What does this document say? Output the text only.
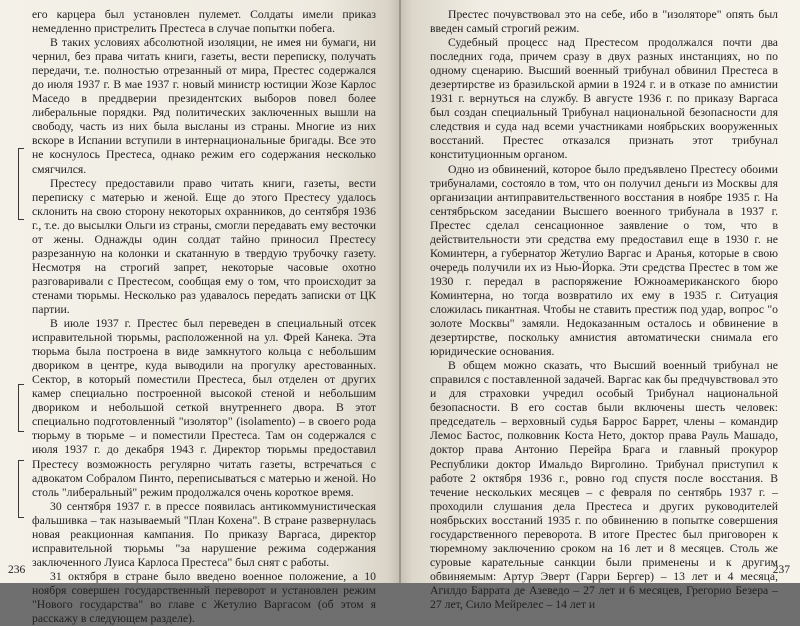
его карцера был установлен пулемет. Солдаты имели приказ немедленно пристрелить Престеса в случае попытки побега.

В таких условиях абсолютной изоляции, не имея ни бумаги, ни чернил, без права читать книги, газеты, вести переписку, получать передачи, т.е. полностью отрезанный от мира, Престес содержался до июля 1937 г. В мае 1937 г. новый министр юстиции Жозе Карлос Маседо в преддверии президентских выборов повел более либеральные порядки. Ряд политических заключенных вышли на свободу, часть из них была высланы из страны. Многие из них вскоре в Испании вступили в интернациональные бригады. Все это не коснулось Престеса, однако режим его содержания несколько смягчился.

Престесу предоставили право читать книги, газеты, вести переписку с матерью и женой. Еще до этого Престесу удалось склонить на свою сторону некоторых охранников, до сентября 1936 г., т.е. до высылки Ольги из страны, смогли передавать ему весточки от жены. Однажды один солдат тайно приносил Престесу разрезанную на колонки и скатанную в твердую трубочку газету. Несмотря на строгий запрет, некоторые часовые охотно разговаривали с Престесом, сообщая ему о том, что происходит за стенами тюрьмы. Несколько раз удавалось передать записки от ЦК партии.

В июле 1937 г. Престес был переведен в специальный отсек исправительной тюрьмы, расположенной на ул. Фрей Канека. Эта тюрьма была построена в виде замкнутого кольца с небольшим двориком в центре, куда выводили на прогулку арестованных. Сектор, в который поместили Престеса, был отделен от других камер специально построенной высокой стеной и небольшим двориком и небольшой сеткой внутреннего двора. В этот специально подготовленный "изолятор" (isolamento) – в своего рода тюрьму в тюрьме – и поместили Престеса. Там он содержался с июля 1937 г. до декабря 1943 г. Директор тюрьмы предоставил Престесу возможность регулярно читать газеты, встречаться с адвокатом Собралом Пинто, переписываться с матерью и женой. Но столь "либеральный" режим продолжался очень короткое время.

30 сентября 1937 г. в прессе появилась антикоммунистическая фальшивка – так называемый "План Кохена". В стране развернулась новая реакционная кампания. По приказу Варгаса, директор исправительной тюрьмы "за нарушение режима содержания заключенного Луиса Карлоса Престеса" был снят с работы.

31 октября в стране было введено военное положение, а 10 ноября совершен государственный переворот и установлен режим "Нового государства" во главе с Жетулио Варгасом (об этом я расскажу в следующем разделе).

236

Престес почувствовал это на себе, ибо в "изоляторе" опять был введен самый строгий режим.

Судебный процесс над Престесом продолжался почти два последних года, причем сразу в двух разных инстанциях, но по одному сценарию. Высший военный трибунал обвинил Престеса в дезертирстве из бразильской армии в 1924 г. и в отказе по амнистии 1931 г. вернуться на службу. В августе 1936 г. по приказу Варгаса был создан специальный Трибунал национальной безопасности для следствия и суда над всеми участниками ноябрьских вооруженных восстаний. Престес отказался признать этот трибунал конституционным органом.

Одно из обвинений, которое было предъявлено Престесу обоими трибуналами, состояло в том, что он получил деньги из Москвы для организации антиправительственного восстания в ноябре 1935 г. На сентябрьском заседании Высшего военного трибунала в 1937 г. Престес сделал сенсационное заявление о том, что в действительности эти средства ему предоставил еще в 1930 г. не Коминтерн, а губернатор Жетулио Варгас и Аранья, которые в свою очередь получили их из Нью-Йорка. Эти средства Престес в том же 1930 г. передал в распоряжение Южноамериканского бюро Коминтерна, но тогда возвратило их ему в 1935 г. Ситуация сложилась пикантная. Чтобы не ставить престиж под удар, вопрос "о золоте Москвы" замяли. Недоказанным осталось и обвинение в дезертирстве, поскольку амнистия автоматически снимала его юридические основания.

В общем можно сказать, что Высший военный трибунал не справился с поставленной задачей. Варгас как бы предчувствовал это и для страховки учредил особый Трибунал национальной безопасности. В его состав были включены шесть человек: председатель – верховный судья Баррос Баррет, члены – командир Лемос Бастос, полковник Коста Нето, доктор права Рауль Машадо, доктор права Антонио Перейра Брага и главный прокурор Республики доктор Имальдо Вирголино. Трибунал приступил к работе 2 октября 1936 г., ровно год спустя после восстания. В течение нескольких месяцев – с февраля по сентябрь 1937 г. – проходили слушания дела Престеса и других руководителей ноябрьских восстаний 1935 г. по обвинению в попытке совершения государственного переворота. В итоге Престес был приговорен к тюремному заключению сроком на 16 лет и 8 месяцев. Столь же суровые карательные санкции были применены и к другим обвиняемым: Артур Эверт (Гарри Бергер) – 13 лет и 4 месяца, Агилдо Баррата де Азеведо – 27 лет и 6 месяцев, Грегорио Безера – 27 лет, Сило Мейрелес – 14 лет и

237
